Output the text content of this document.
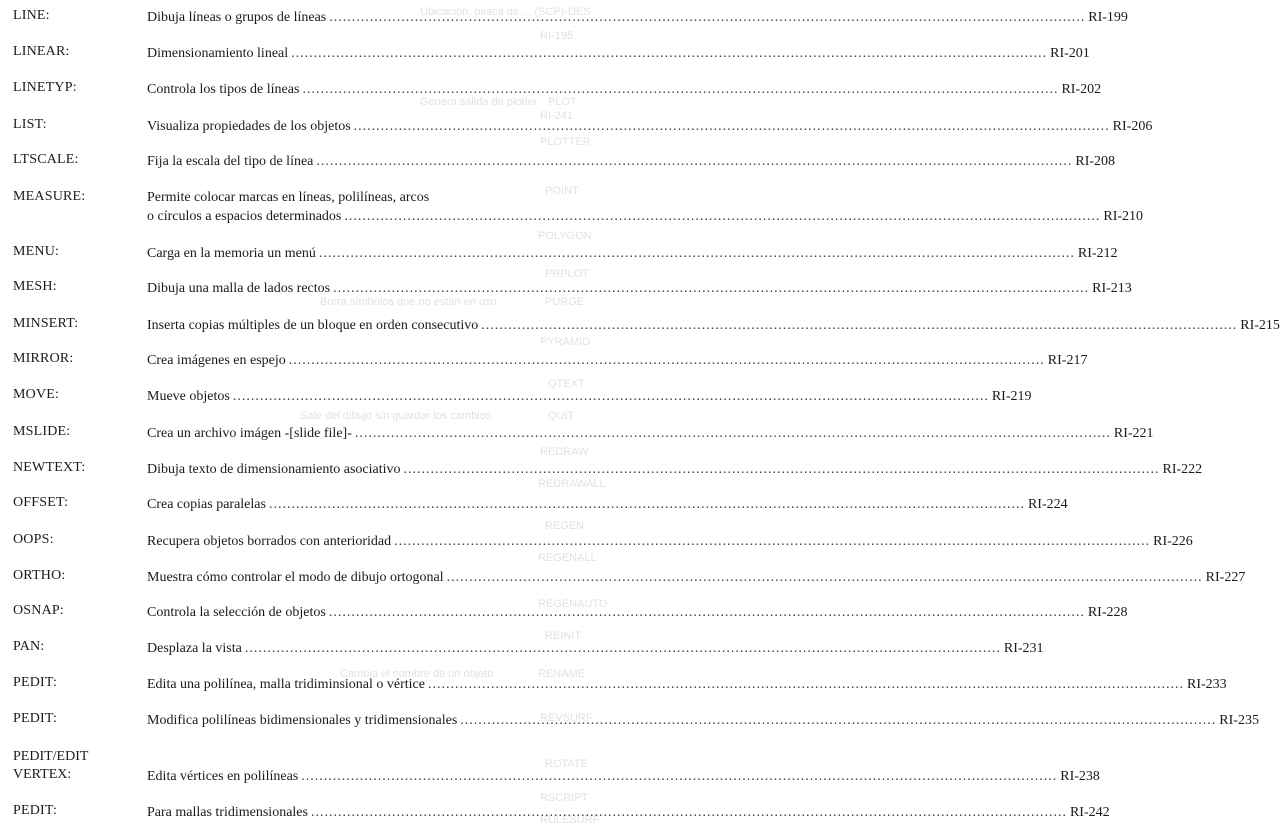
Ubicación, pesca de ... (SCP)-DES
RI-195
PLOT
Genera salida de plotter
RI-241
PLOTTER
POINT
POLYGON
PRPLOT
PURGE
Borra símbolos que no están en uso
PYRAMID
QTEXT
QUIT
Sale del dibujo sin guardar los cambios
REDRAW
REDRAWALL
REGEN
REGENALL
REGENAUTO
REINIT
RENAME
Cambia el nombre de un objeto
REVSURF
ROTATE
RSCRIPT
RULESURF
LINE:	Dibuja líneas o grupos de líneas .....	RI-199
LINEAR:	Dimensionamiento lineal .....	RI-201
LINETYP:	Controla los tipos de líneas .....	RI-202
LIST:	Visualiza propiedades de los objetos .....	RI-206
LTSCALE:	Fija la escala del tipo de línea .....	RI-208
MEASURE:	Permite colocar marcas en líneas, polilíneas, arcos
o círculos a espacios determinados .....	RI-210
MENU:	Carga en la memoria un menú .....	RI-212
MESH:	Dibuja una malla de lados rectos .....	RI-213
MINSERT:	Inserta copias múltiples de un bloque en orden consecutivo .....	RI-215
MIRROR:	Crea imágenes en espejo .....	RI-217
MOVE:	Mueve objetos .....	RI-219
MSLIDE:	Crea un archivo imágen -[slide file]- .....	RI-221
NEWTEXT:	Dibuja texto de dimensionamiento asociativo .....	RI-222
OFFSET:	Crea copias paralelas .....	RI-224
OOPS:	Recupera objetos borrados con anterioridad .....	RI-226
ORTHO:	Muestra cómo controlar el modo de dibujo ortogonal .....	RI-227
OSNAP:	Controla la selección de objetos .....	RI-228
PAN:	Desplaza la vista .....	RI-231
PEDIT:	Edita una polilínea, malla tridiminsional o vértice .....	RI-233
PEDIT:	Modifica polilíneas bidimensionales y tridimensionales .....	RI-235
PEDIT/EDIT
VERTEX:	Edita vértices en polilíneas .....	RI-238
PEDIT:	Para mallas tridimensionales .....	RI-242
